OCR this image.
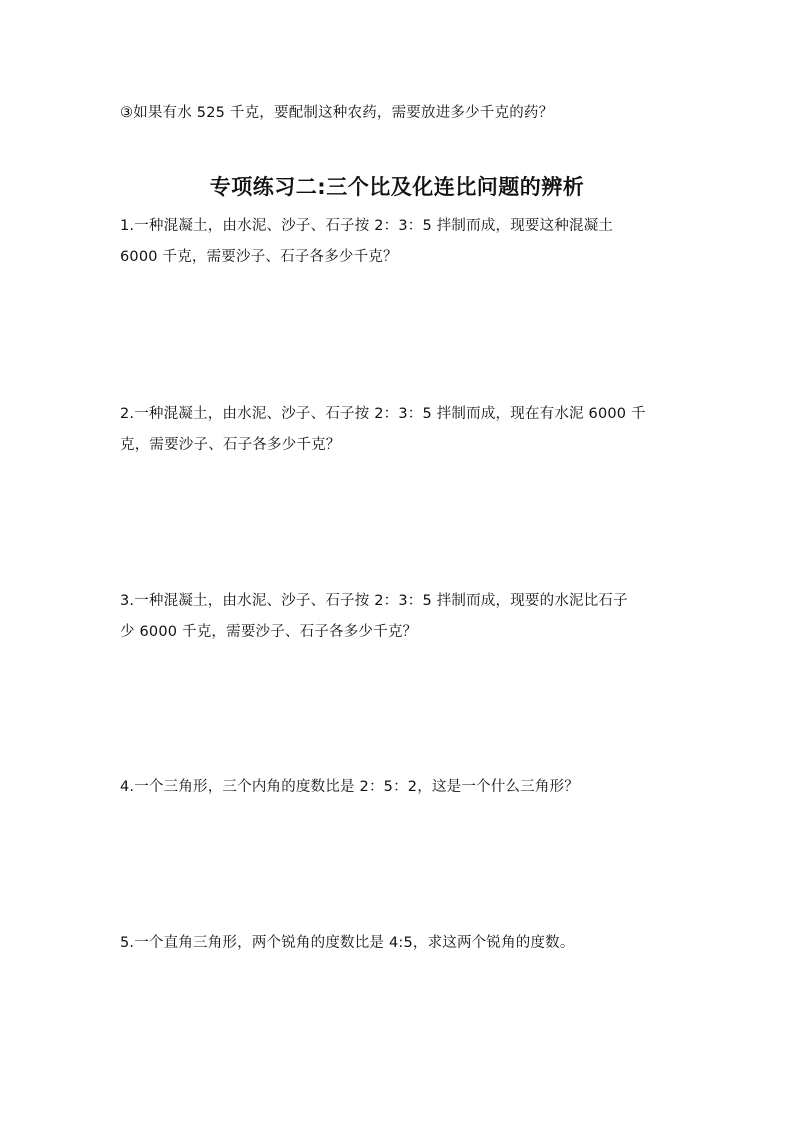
③如果有水 525 千克，要配制这种农药，需要放进多少千克的药？
专项练习二:三个比及化连比问题的辨析
1.一种混凝土，由水泥、沙子、石子按 2：3：5 拌制而成，现要这种混凝土
6000 千克，需要沙子、石子各多少千克？
2.一种混凝土，由水泥、沙子、石子按 2：3：5 拌制而成，现在有水泥 6000 千
克，需要沙子、石子各多少千克？
3.一种混凝土，由水泥、沙子、石子按 2：3：5 拌制而成，现要的水泥比石子
少 6000 千克，需要沙子、石子各多少千克？
4.一个三角形，三个内角的度数比是 2：5：2，这是一个什么三角形？
5.一个直角三角形，两个锐角的度数比是 4:5，求这两个锐角的度数。
